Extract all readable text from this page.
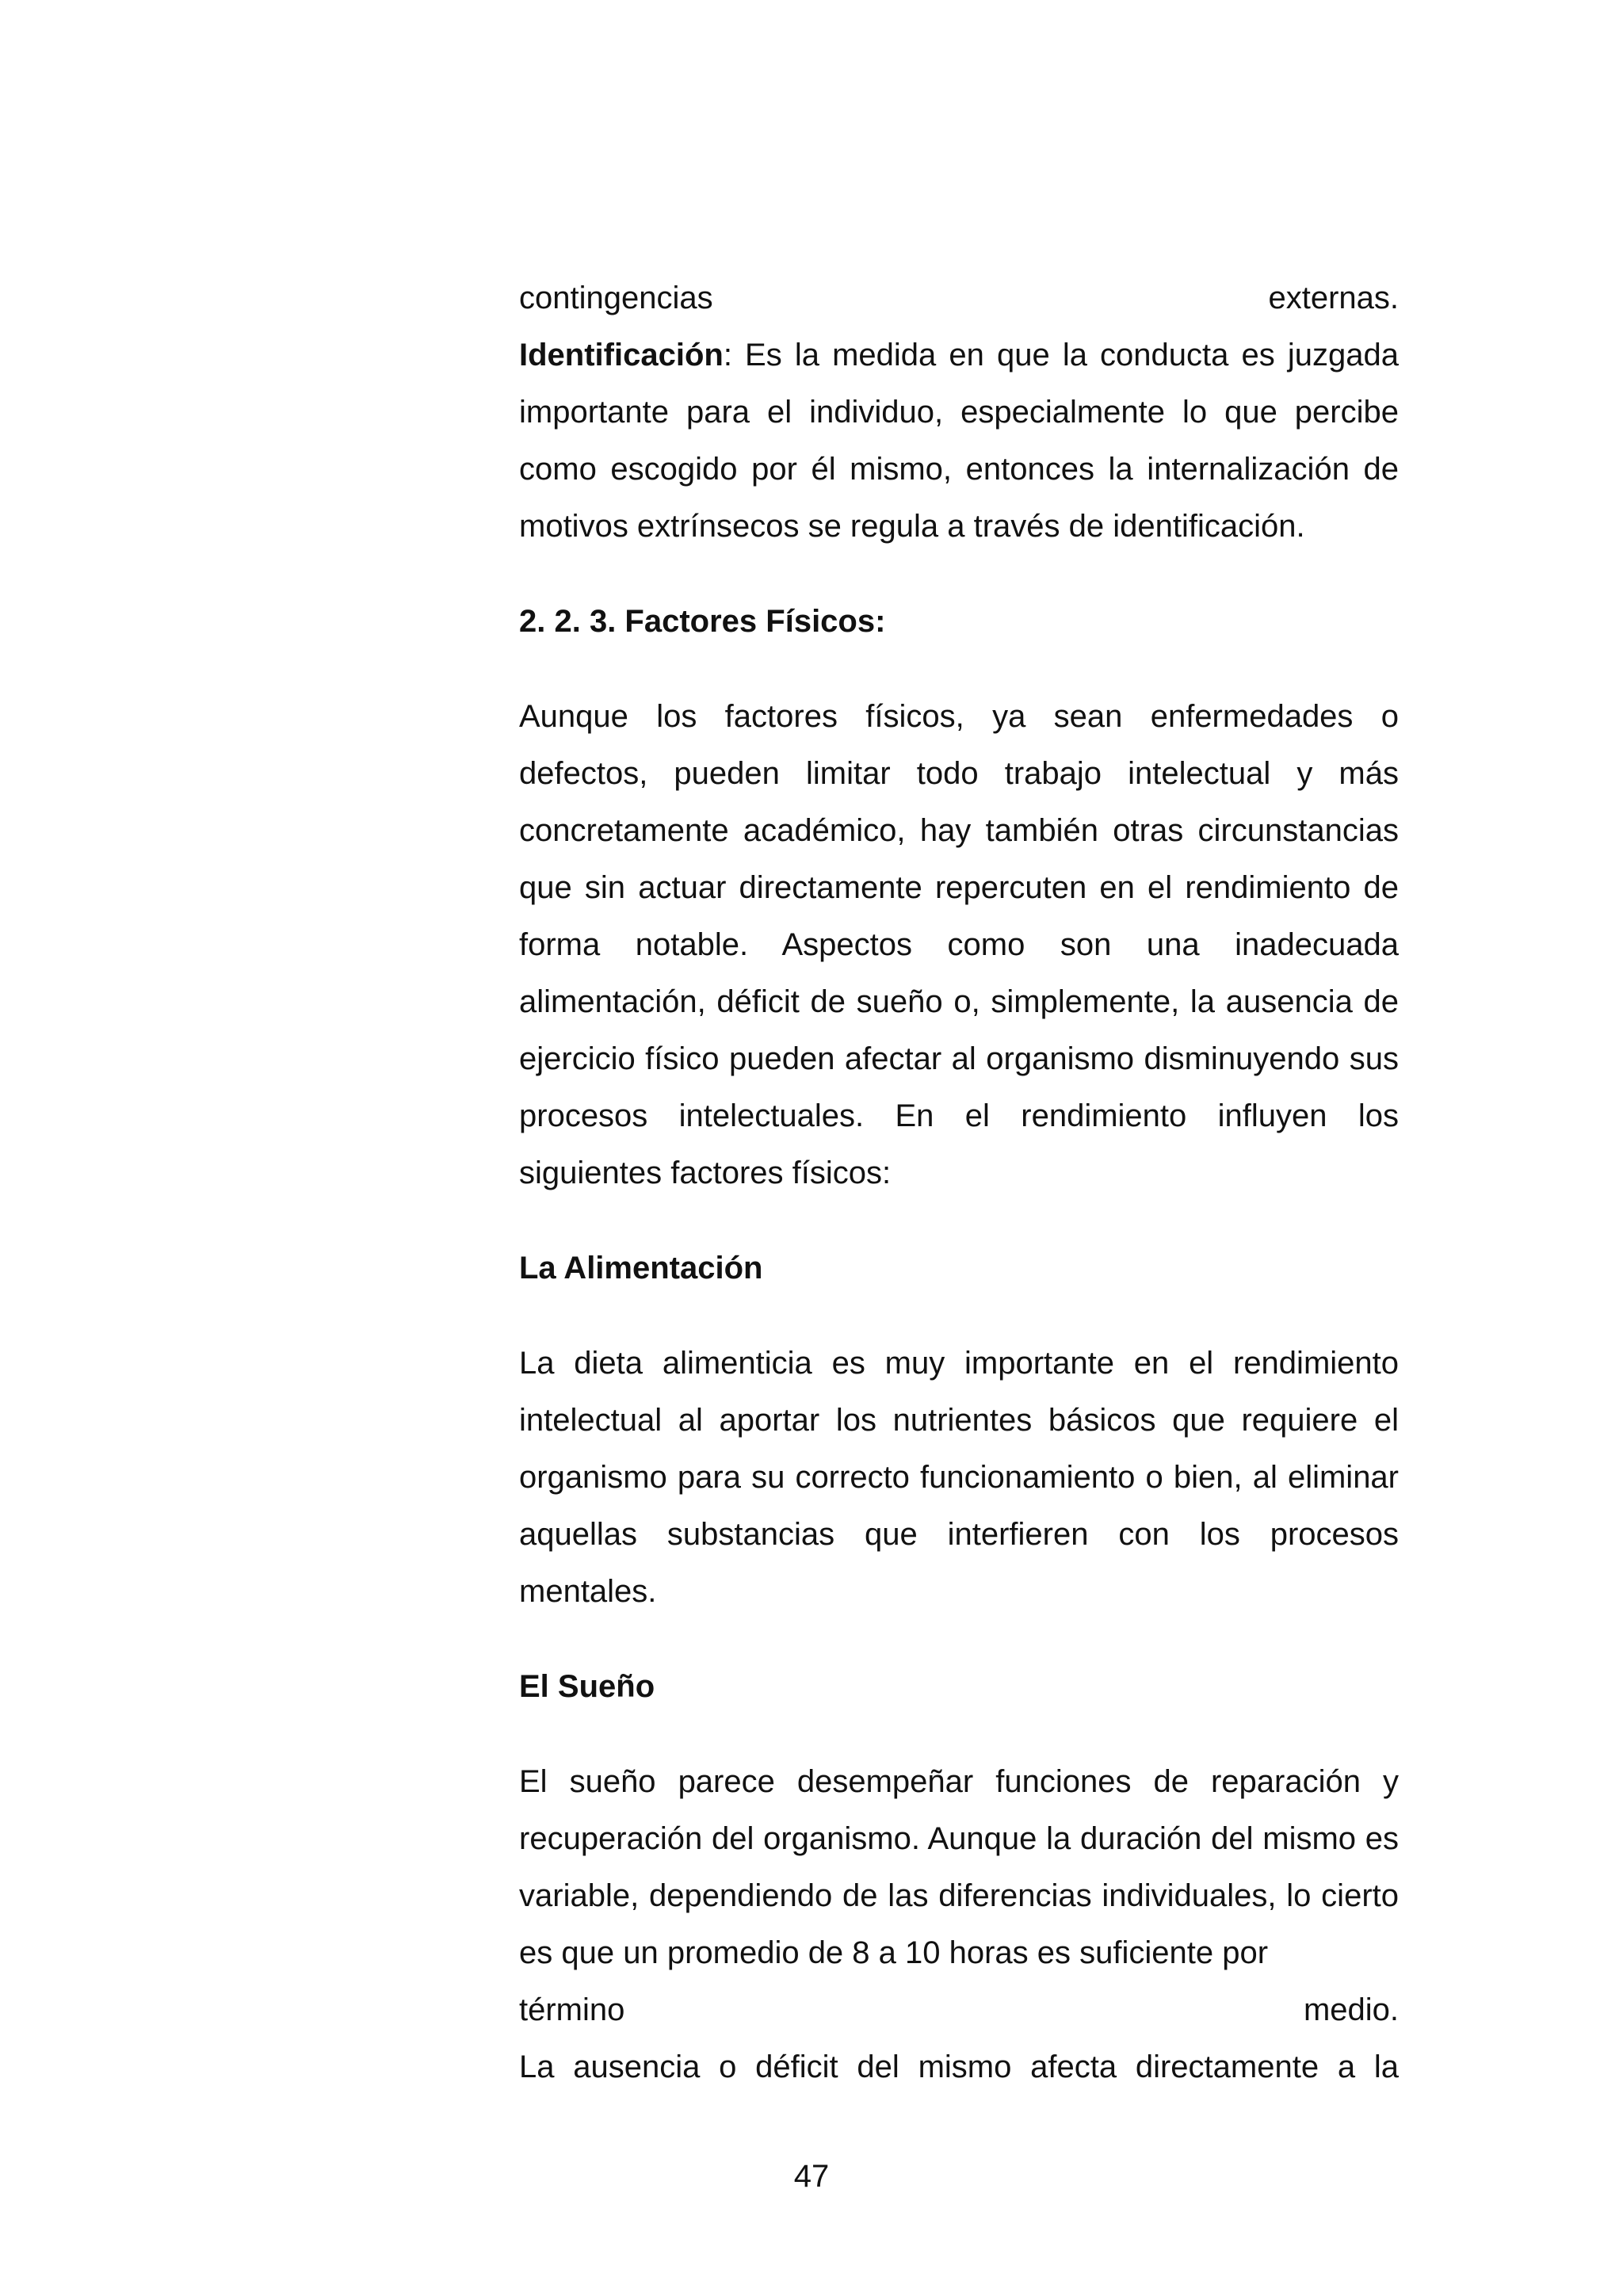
contingencias	externas.

Identificación: Es la medida en que la conducta es juzgada importante para el individuo, especialmente lo que percibe como escogido por él mismo, entonces la internalización de motivos extrínsecos se regula a través de identificación.

2. 2. 3. Factores Físicos:

Aunque los factores físicos, ya sean enfermedades o defectos, pueden limitar todo trabajo intelectual y más concretamente académico, hay también otras circunstancias que sin actuar directamente repercuten en el rendimiento de forma notable. Aspectos como son una inadecuada alimentación, déficit de sueño o, simplemente, la ausencia de ejercicio físico pueden afectar al organismo disminuyendo sus procesos intelectuales. En el rendimiento influyen los siguientes factores físicos:

La Alimentación

La dieta alimenticia es muy importante en el rendimiento intelectual al aportar los nutrientes básicos que requiere el organismo para su correcto funcionamiento o bien, al eliminar aquellas substancias que interfieren con los procesos mentales.

El Sueño

El sueño parece desempeñar funciones de reparación y recuperación del organismo. Aunque la duración del mismo es variable, dependiendo de las diferencias individuales, lo cierto es que un promedio de 8 a 10 horas es suficiente por
término	medio.
La ausencia o déficit del mismo afecta directamente a la
47
